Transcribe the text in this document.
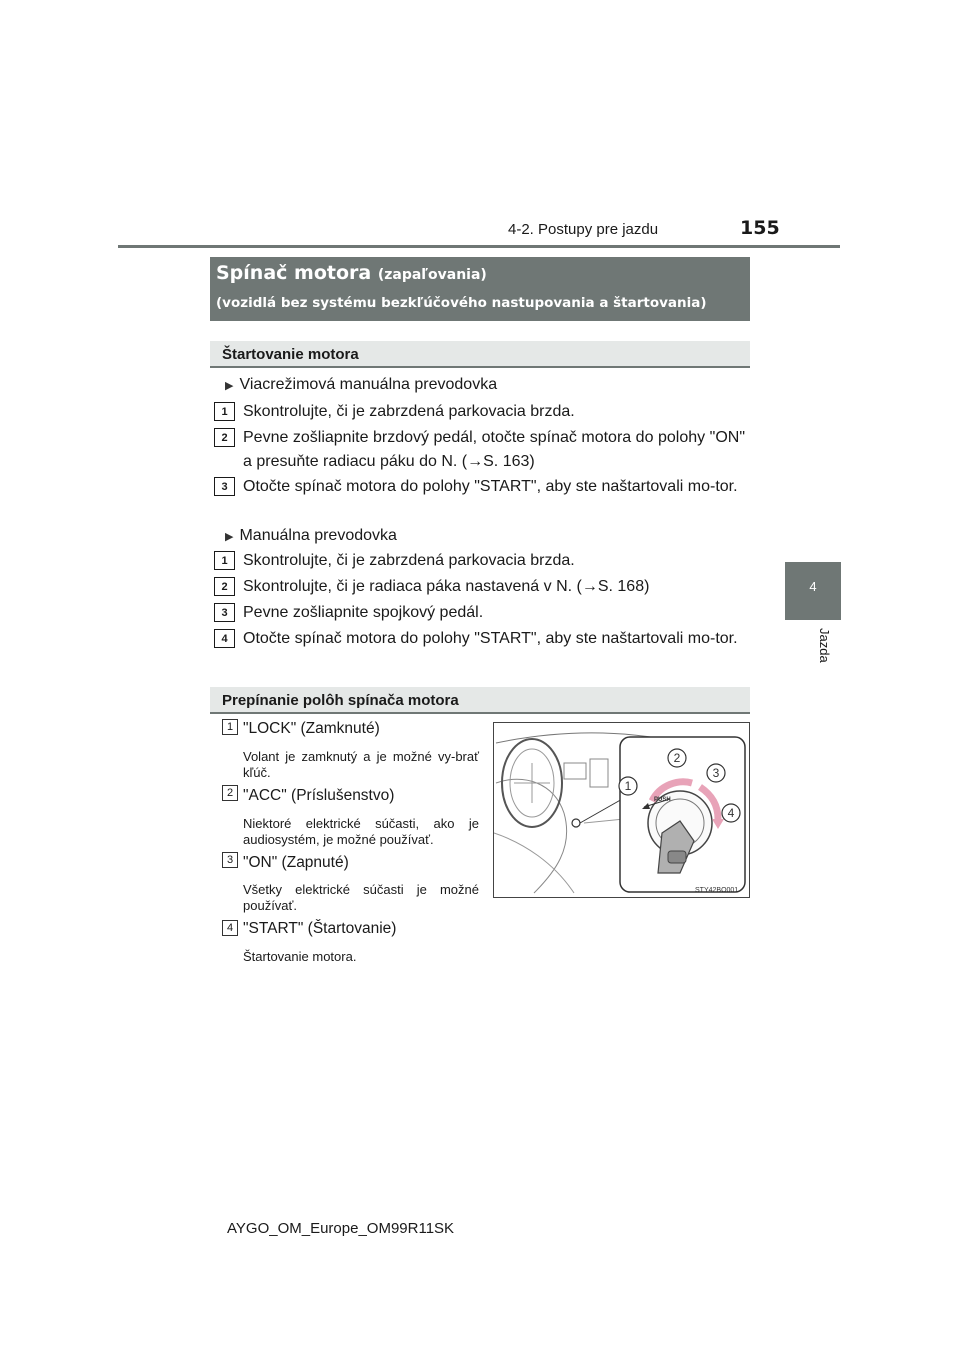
155
4-2. Postupy pre jazdu
4
Jazda
Spínač motora (zapaľovania)
(vozidlá bez systému bezkľúčového nastupovania a štartovania)
Štartovanie motora
▶ Viacrežimová manuálna prevodovka
1 Skontrolujte, či je zabrzdená parkovacia brzda.
2 Pevne zošliapnite brzdový pedál, otočte spínač motora do polohy "ON" a presuňte radiacu páku do N. (→S. 163)
3 Otočte spínač motora do polohy "START", aby ste naštartovali mo-tor.
▶ Manuálna prevodovka
1 Skontrolujte, či je zabrzdená parkovacia brzda.
2 Skontrolujte, či je radiaca páka nastavená v N. (→S. 168)
3 Pevne zošliapnite spojkový pedál.
4 Otočte spínač motora do polohy "START", aby ste naštartovali mo-tor.
Prepínanie polôh spínača motora
1 "LOCK" (Zamknuté)
Volant je zamknutý a je možné vy-brať kľúč.
2 "ACC" (Príslušenstvo)
Niektoré elektrické súčasti, ako je audiosystém, je možné používať.
3 "ON" (Zapnuté)
Všetky elektrické súčasti je možné používať.
4 "START" (Štartovanie)
Štartovanie motora.
PUSH
1
2
3
4
STY42BO001
AYGO_OM_Europe_OM99R11SK
